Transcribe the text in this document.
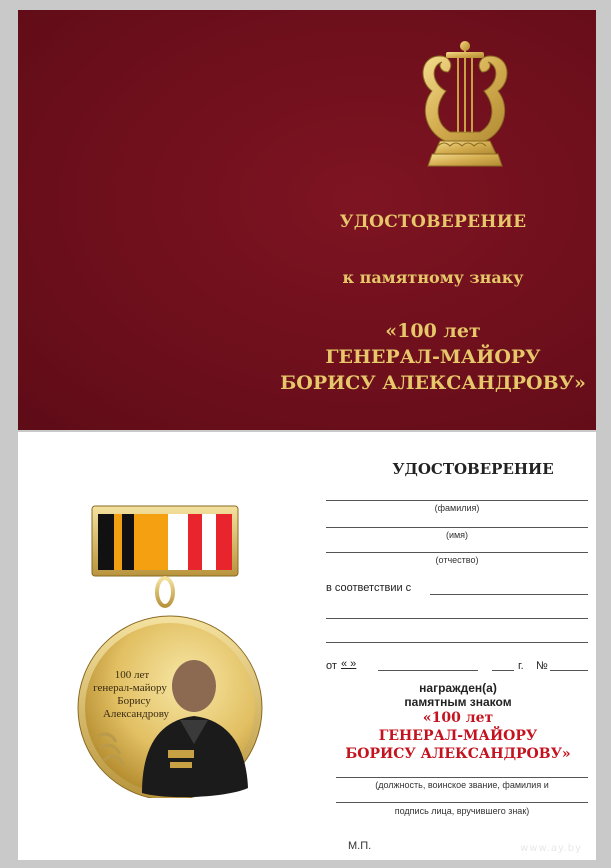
УДОСТОВЕРЕНИЕ
к памятному знаку
«100 лет
ГЕНЕРАЛ-МАЙОРУ
БОРИСУ АЛЕКСАНДРОВУ»
100 лет
генерал-майору
Борису
Александрову
УДОСТОВЕРЕНИЕ
(фамилия)
(имя)
(отчество)
в соответствии с
от « »	г. №
награжден(а)
памятным знаком
«100 лет
ГЕНЕРАЛ-МАЙОРУ
БОРИСУ АЛЕКСАНДРОВУ»
(должность, воинское звание, фамилия и
подпись лица, вручившего знак)
М.П.	www.ay.by
